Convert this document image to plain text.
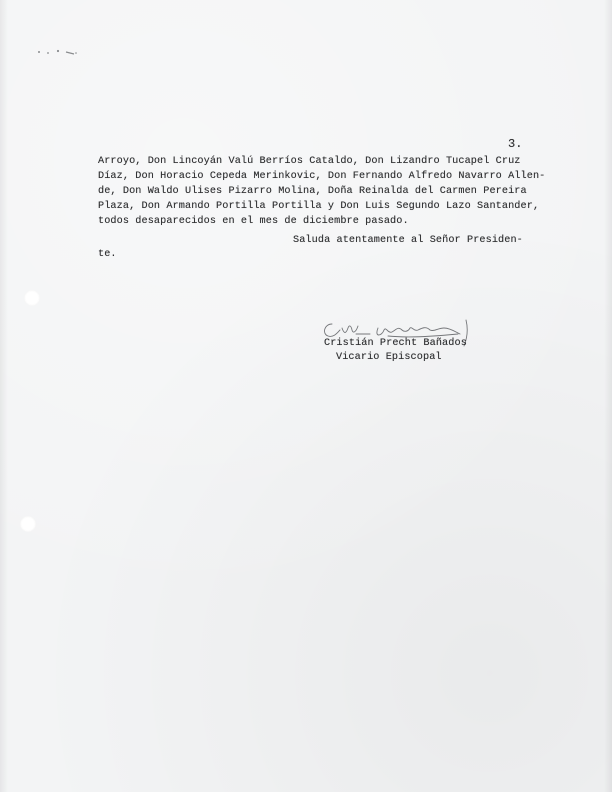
3.
Arroyo, Don Lincoyán Valú Berríos Cataldo, Don Lizandro Tucapel Cruz
Díaz, Don Horacio Cepeda Merinkovic, Don Fernando Alfredo Navarro Allen-
de, Don Waldo Ulises Pizarro Molina, Doña Reinalda del Carmen Pereira
Plaza, Don Armando Portilla Portilla y Don Luis Segundo Lazo Santander,
todos desaparecidos en el mes de diciembre pasado.
Saluda atentamente al Señor Presiden-
te.
Cristián Precht Bañados
Vicario Episcopal
